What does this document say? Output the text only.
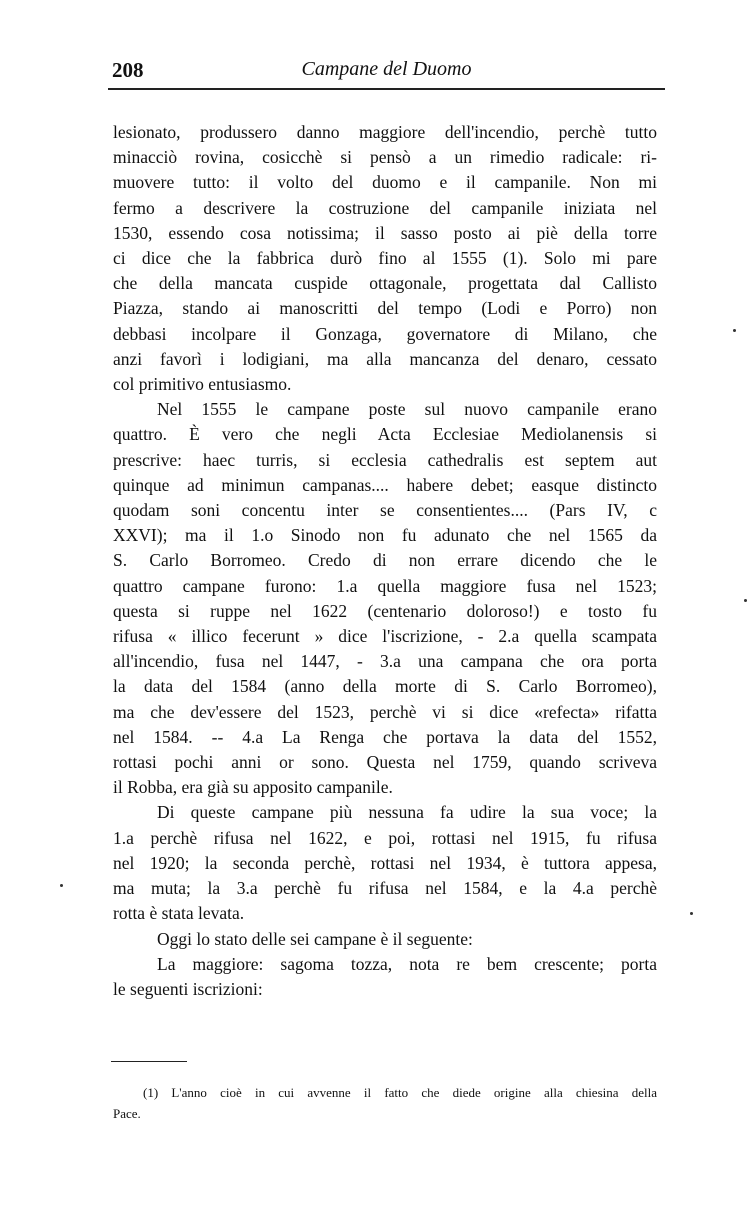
208	Campane del Duomo
lesionato, produssero danno maggiore dell'incendio, perchè tutto
minacciò rovina, cosicchè si pensò a un rimedio radicale: ri-
muovere tutto: il volto del duomo e il campanile. Non mi
fermo a descrivere la costruzione del campanile iniziata nel
1530, essendo cosa notissima; il sasso posto ai piè della torre
ci dice che la fabbrica durò fino al 1555 (1). Solo mi pare
che della mancata cuspide ottagonale, progettata dal Callisto
Piazza, stando ai manoscritti del tempo (Lodi e Porro) non
debbasi incolpare il Gonzaga, governatore di Milano, che
anzi favorì i lodigiani, ma alla mancanza del denaro, cessato
col primitivo entusiasmo.
Nel 1555 le campane poste sul nuovo campanile erano
quattro. È vero che negli Acta Ecclesiae Mediolanensis si
prescrive: haec turris, si ecclesia cathedralis est septem aut
quinque ad minimun campanas.... habere debet; easque distincto
quodam soni concentu inter se consentientes.... (Pars IV, c
XXVI); ma il 1.o Sinodo non fu adunato che nel 1565 da
S. Carlo Borromeo. Credo di non errare dicendo che le
quattro campane furono: 1.a quella maggiore fusa nel 1523;
questa si ruppe nel 1622 (centenario doloroso!) e tosto fu
rifusa « illico fecerunt » dice l'iscrizione, - 2.a quella scampata
all'incendio, fusa nel 1447, - 3.a una campana che ora porta
la data del 1584 (anno della morte di S. Carlo Borromeo),
ma che dev'essere del 1523, perchè vi si dice «refecta» rifatta
nel 1584. -- 4.a La Renga che portava la data del 1552,
rottasi pochi anni or sono. Questa nel 1759, quando scriveva
il Robba, era già su apposito campanile.
Di queste campane più nessuna fa udire la sua voce; la
1.a perchè rifusa nel 1622, e poi, rottasi nel 1915, fu rifusa
nel 1920; la seconda perchè, rottasi nel 1934, è tuttora appesa,
ma muta; la 3.a perchè fu rifusa nel 1584, e la 4.a perchè
rotta è stata levata.
Oggi lo stato delle sei campane è il seguente:
La maggiore: sagoma tozza, nota re bem crescente; porta
le seguenti iscrizioni:
(1) L'anno cioè in cui avvenne il fatto che diede origine alla chiesina della
Pace.
